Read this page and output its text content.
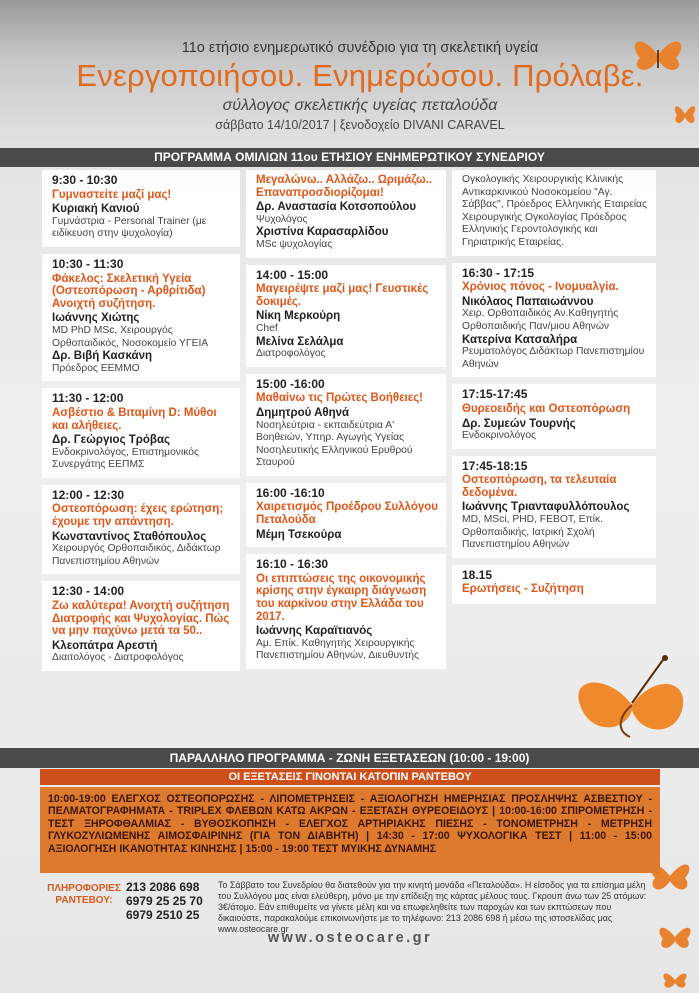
11ο ετήσιο ενημερωτικό συνέδριο για τη σκελετική υγεία
Ενεργοποιήσου. Ενημερώσου. Πρόλαβε.
σύλλογος σκελετικής υγείας πεταλούδα
σάββατο 14/10/2017 | ξενοδοχείο DIVANI CARAVEL
ΠΡΟΓΡΑΜΜΑ ΟΜΙΛΙΩΝ 11ου ΕΤΗΣΙΟΥ ΕΝΗΜΕΡΩΤΙΚΟΥ ΣΥΝΕΔΡΙΟΥ
9:30 - 10:30
Γυμναστείτε μαζί μας!
Κυριακή Κανιού
Γυμνάστρια - Personal Trainer (με ειδίκευση στην ψυχολογία)
10:30 - 11:30
Φάκελος: Σκελετική Υγεία (Οστεοπόρωση - Αρθρίτιδα) Ανοιχτή συζήτηση.
Ιωάννης Χιώτης
MD PhD MSc, Χειρουργός Ορθοπαιδικός, Νοσοκομείο ΥΓΕΙΑ
Δρ. Βιβή Κασκάνη
Πρόεδρος ΕΕΜΜΟ
11:30 - 12:00
Ασβέστιο & Βιταμίνη D: Μύθοι και αλήθειες.
Δρ. Γεώργιος Τρόβας
Ενδοκρινολόγος, Επιστημονικός Συνεργάτης ΕΕΠΜΣ
12:00 - 12:30
Οστεοπόρωση: έχεις ερώτηση; έχουμε την απάντηση.
Κωνσταντίνος Σταθόπουλος
Χειρουργός Ορθοπαιδικός, Διδάκτωρ Πανεπιστημίου Αθηνών
12:30 - 14:00
Ζω καλύτερα! Ανοιχτή συζήτηση Διατροφής και Ψυχολογίας. Πώς να μην παχύνω μετά τα 50..
Κλεοπάτρα Αρεστή
Διαιτολόγος - Διατροφολόγος
Μεγαλώνω.. Αλλάζω.. Ωριμάζω.. Επαναπροσδιορίζομαι!
Δρ. Αναστασία Κοτσοπούλου
Ψυχολόγος
Χριστίνα Καρασαρλίδου
MSc ψυχολογίας
14:00 - 15:00
Μαγειρέψτε μαζί μας! Γευστικές δοκιμές.
Νίκη Μερκούρη
Chef
Μελίνα Σελάλμα
Διατροφολόγος
15:00 -16:00
Μαθαίνω τις Πρώτες Βοήθειες!
Δημητρού Αθηνά
Νοσηλεύτρια - εκπαιδεύτρια Α' Βοηθειών, Υπηρ. Αγωγής Υγείας Νοσηλευτικής Ελληνικού Ερυθρού Σταυρού
16:00 -16:10
Χαιρετισμός Προέδρου Συλλόγου Πεταλούδα
Μέμη Τσεκούρα
16:10 - 16:30
Οι επιπτώσεις της οικονομικής κρίσης στην έγκαιρη διάγνωση του καρκίνου στην Ελλάδα του 2017.
Ιωάννης Καραϊτιανός
Αμ. Επίκ. Καθηγητής Χειρουργικής Πανεπιστημίου Αθηνών, Διευθυντής
Ογκολογικής Χειρουργικής Κλινικής Αντικαρκινικού Νοσοκομείου "Αγ. Σάββας", Πρόεδρος Ελληνικής Εταιρείας Χειρουργικής Ογκολογίας Πρόεδρος Ελληνικής Γεροντολογικής και Γηριατρικής Εταιρείας.
16:30 - 17:15
Χρόνιος πόνος - Ινομυαλγία.
Νικόλαος Παπαιωάννου
Χειρ. Ορθοπαιδικός Αν.Καθηγητής Ορθοπαιδικής Παν/μιου Αθηνών
Κατερίνα Κατσαλήρα
Ρευματολόγος Διδάκτωρ Πανεπιστημίου Αθηνών
17:15-17:45
Θυρεοειδής και Οστεοπόρωση
Δρ. Συμεών Τουρνής
Ενδοκρινολόγος
17:45-18:15
Οστεοπόρωση, τα τελευταία δεδομένα.
Ιωάννης Τριανταφυλλόπουλος
MD, MSci, PHD, FEBOT, Επίκ. Ορθοπαιδικής, Ιατρική Σχολή Πανεπιστημίου Αθηνών
18.15
Ερωτήσεις - Συζήτηση
ΠΑΡΑΛΛΗΛΟ ΠΡΟΓΡΑΜΜΑ - ΖΩΝΗ ΕΞΕΤΑΣΕΩΝ (10:00 - 19:00)
ΟΙ ΕΞΕΤΑΣΕΙΣ ΓΙΝΟΝΤΑΙ ΚΑΤΟΠΙΝ ΡΑΝΤΕΒΟΥ
10:00-19:00 ΕΛΕΓΧΟΣ ΟΣΤΕΟΠΟΡΩΣΗΣ - ΛΙΠΟΜΕΤΡΗΣΕΙΣ - ΑΞΙΟΛΟΓΗΣΗ ΗΜΕΡΗΣΙΑΣ ΠΡΟΣΛΗΨΗΣ ΑΣΒΕΣΤΙΟΥ - ΠΕΛΜΑΤΟΓΡΑΦΗΜΑΤΑ - TRIPLEX ΦΛΕΒΩΝ ΚΑΤΩ ΑΚΡΩΝ - ΕΞΕΤΑΣΗ ΘΥΡΕΟΕΙΔΟΥΣ | 10:00-16:00 ΣΠΙΡΟΜΕΤΡΗΣΗ - ΤΕΣΤ ΞΗΡΟΦΘΑΛΜΙΑΣ - ΒΥΘΟΣΚΟΠΗΣΗ - ΕΛΕΓΧΟΣ ΑΡΤΗΡΙΑΚΗΣ ΠΙΕΣΗΣ - ΤΟΝΟΜΕΤΡΗΣΗ - ΜΕΤΡΗΣΗ ΓΛΥΚΟΖΥΛΙΩΜΕΝΗΣ ΑΙΜΟΣΦΑΙΡΙΝΗΣ (ΓΙΑ ΤΟΝ ΔΙΑΒΗΤΗ) | 14:30 - 17:00 ΨΥΧΟΛΟΓΙΚΑ ΤΕΣΤ | 11:00 - 15:00 ΑΞΙΟΛΟΓΗΣΗ ΙΚΑΝΟΤΗΤΑΣ ΚΙΝΗΣΗΣ | 15:00 - 19:00 ΤΕΣΤ ΜΥΙΚΗΣ ΔΥΝΑΜΗΣ
ΠΛΗΡΟΦΟΡΙΕΣ ΡΑΝΤΕΒΟΥ:
213 2086 698
6979 25 25 70
6979 2510 25
Το Σάββατο του Συνεδρίου θα διατεθούν για την κινητή μονάδα «Πεταλούδα». Η είσοδος για τα επίσημα μέλη του Συλλόγου μας είναι ελεύθερη, μόνο με την επίδειξη της κάρτας μέλους τους. Γκρουπ άνω των 25 ατόμων: 3€/άτομο. Εάν επιθυμείτε να γίνετε μέλη και να επωφεληθείτε των παροχών και των εκπτώσεων που δικαιούστε, παρακαλούμε επικοινωνήστε με το τηλέφωνο: 213 2086 698 ή μέσω της ιστοσελίδας μας www.osteocare.gr
www.osteocare.gr
